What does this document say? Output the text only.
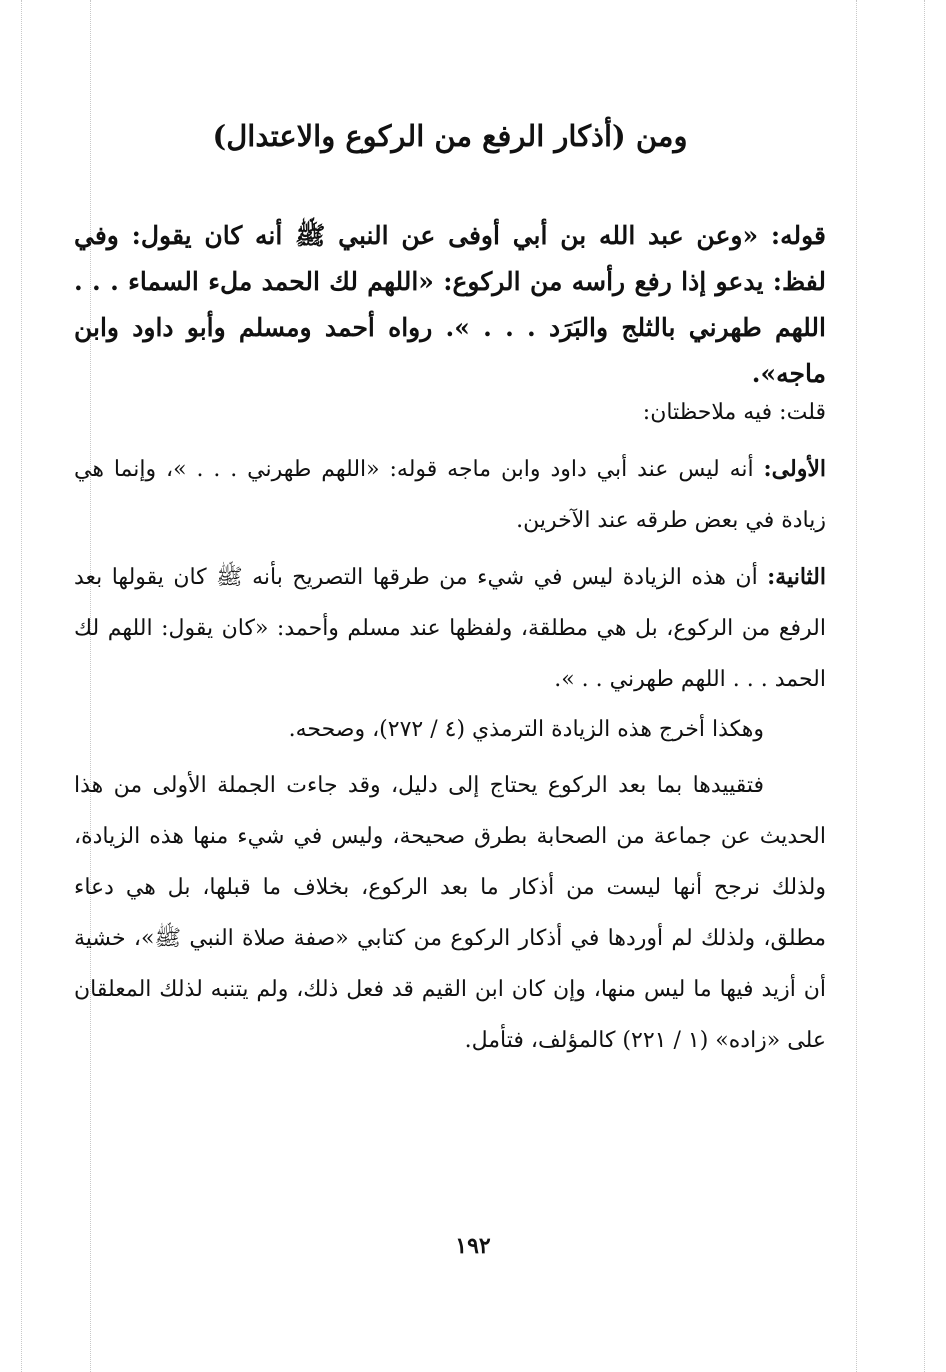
ومن (أذكار الرفع من الركوع والاعتدال)
قوله: «وعن عبد الله بن أبي أوفى عن النبي ﷺ أنه كان يقول: وفي لفظ: يدعو إذا رفع رأسه من الركوع: «اللهم لك الحمد ملء السماء . . . اللهم طهرني بالثلج والبَرَد . . . ». رواه أحمد ومسلم وأبو داود وابن ماجه».
قلت: فيه ملاحظتان:
الأولى: أنه ليس عند أبي داود وابن ماجه قوله: «اللهم طهرني . . . »، وإنما هي زيادة في بعض طرقه عند الآخرين.
الثانية: أن هذه الزيادة ليس في شيء من طرقها التصريح بأنه ﷺ كان يقولها بعد الرفع من الركوع، بل هي مطلقة، ولفظها عند مسلم وأحمد: «كان يقول: اللهم لك الحمد . . . اللهم طهرني . . ».
وهكذا أخرج هذه الزيادة الترمذي (٤ / ٢٧٢)، وصححه.
فتقييدها بما بعد الركوع يحتاج إلى دليل، وقد جاءت الجملة الأولى من هذا الحديث عن جماعة من الصحابة بطرق صحيحة، وليس في شيء منها هذه الزيادة، ولذلك نرجح أنها ليست من أذكار ما بعد الركوع، بخلاف ما قبلها، بل هي دعاء مطلق، ولذلك لم أوردها في أذكار الركوع من كتابي «صفة صلاة النبي ﷺ»، خشية أن أزيد فيها ما ليس منها، وإن كان ابن القيم قد فعل ذلك، ولم يتنبه لذلك المعلقان على «زاده» (١ / ٢٢١) كالمؤلف، فتأمل.
١٩٢
